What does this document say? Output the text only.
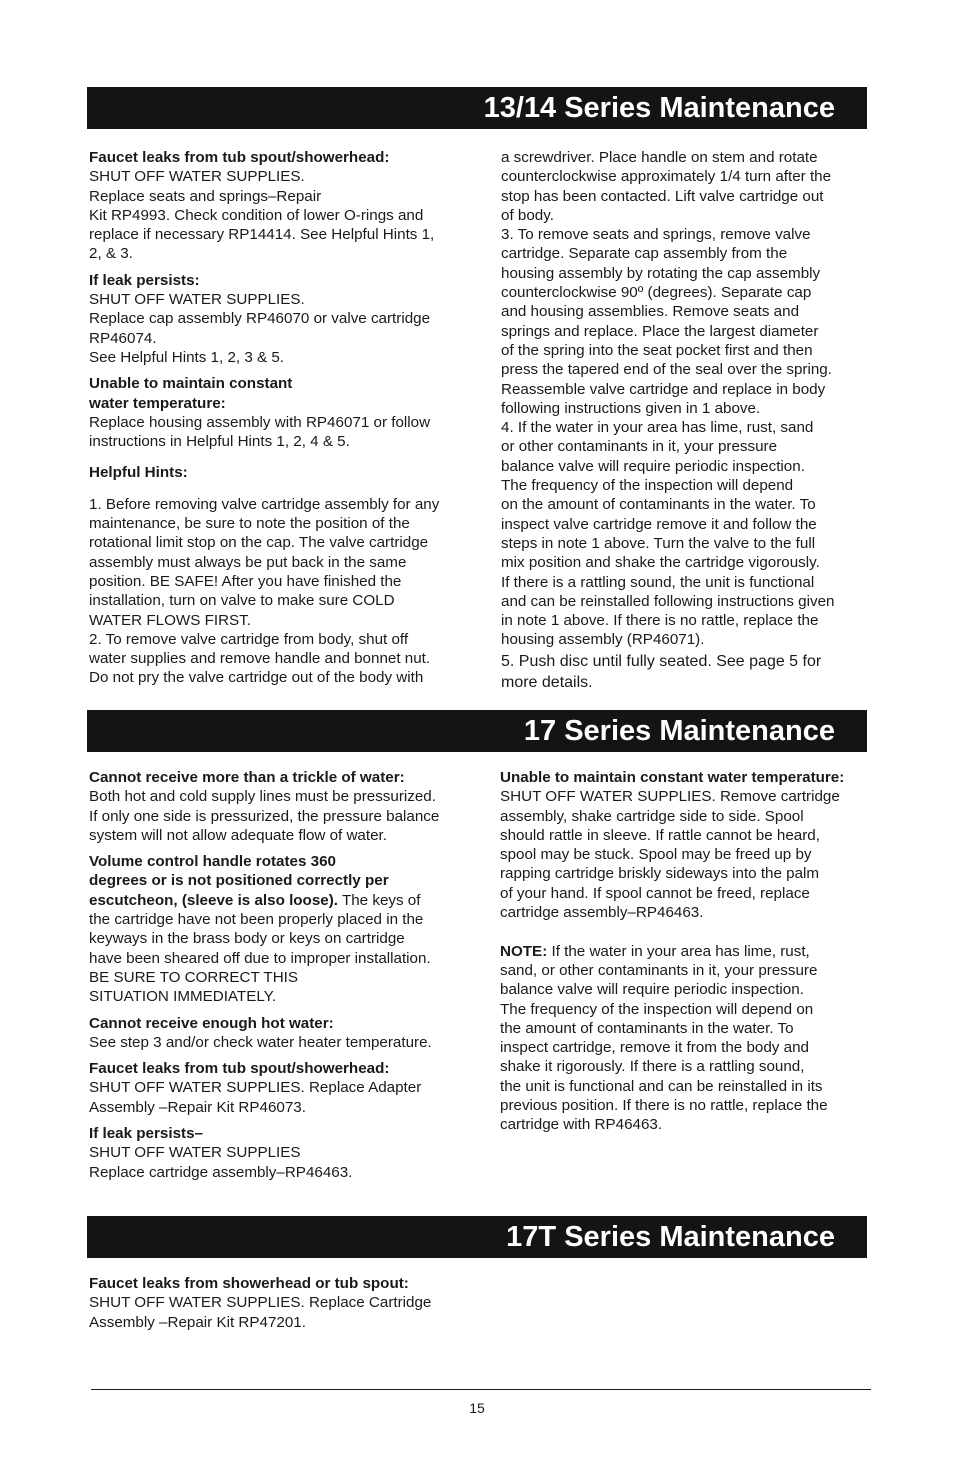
13/14 Series Maintenance

Faucet leaks from tub spout/showerhead:

SHUT OFF WATER SUPPLIES.

Replace seats and springs–Repair

Kit RP4993. Check condition of lower O-rings and

replace if necessary RP14414. See Helpful Hints 1,

2, & 3.

If leak persists:

SHUT OFF WATER SUPPLIES.

Replace cap assembly RP46070 or valve cartridge

RP46074.

See Helpful Hints 1, 2, 3 & 5.

Unable to maintain constant

water temperature:

Replace housing assembly with RP46071 or follow

instructions in Helpful Hints 1, 2, 4 & 5.

Helpful Hints:

1. Before removing valve cartridge assembly for any

maintenance, be sure to note the position of the

rotational limit stop on the cap. The valve cartridge

assembly must always be put back in the same

position. BE SAFE! After you have finished the

installation, turn on valve to make sure COLD

WATER FLOWS FIRST.

2. To remove valve cartridge from body, shut off

water supplies and remove handle and bonnet nut.

Do not pry the valve cartridge out of the body with

a screwdriver. Place handle on stem and rotate

counterclockwise approximately 1/4 turn after the

stop has been contacted. Lift valve cartridge out

of body.

3. To remove seats and springs, remove valve

cartridge. Separate cap assembly from the

housing assembly by rotating the cap assembly

counterclockwise 90º (degrees). Separate cap

and housing assemblies. Remove seats and

springs and replace. Place the largest diameter

of the spring into the seat pocket first and then

press the tapered end of the seal over the spring.

Reassemble valve cartridge and replace in body

following instructions given in 1 above.

4. If the water in your area has lime, rust, sand

or other contaminants in it, your pressure

balance valve will require periodic inspection.

The frequency of the inspection will depend

on the amount of contaminants in the water. To

inspect valve cartridge remove it and follow the

steps in note 1 above. Turn the valve to the full

mix position and shake the cartridge vigorously.

If there is a rattling sound, the unit is functional

and can be reinstalled following instructions given

in note 1 above. If there is no rattle, replace the

housing assembly (RP46071).

5. Push disc until fully seated. See page 5 for

more details.

17 Series Maintenance

Cannot receive more than a trickle of water:

Both hot and cold supply lines must be pressurized.

If only one side is pressurized, the pressure balance

system will not allow adequate flow of water.

Volume control handle rotates 360

degrees or is not positioned correctly per

escutcheon, (sleeve is also loose). The keys of

the cartridge have not been properly placed in the

keyways in the brass body or keys on cartridge

have been sheared off due to improper installation.

BE SURE TO CORRECT THIS

SITUATION IMMEDIATELY.

Cannot receive enough hot water:

See step 3 and/or check water heater temperature.

Faucet leaks from tub spout/showerhead:

SHUT OFF WATER SUPPLIES. Replace Adapter

Assembly –Repair Kit RP46073.

If leak persists–

SHUT OFF WATER SUPPLIES

Replace cartridge assembly–RP46463.

Unable to maintain constant water temperature:

SHUT OFF WATER SUPPLIES. Remove cartridge

assembly, shake cartridge side to side. Spool

should rattle in sleeve. If rattle cannot be heard,

spool may be stuck. Spool may be freed up by

rapping cartridge briskly sideways into the palm

of your hand. If spool cannot be freed, replace

cartridge assembly–RP46463.

NOTE: If the water in your area has lime, rust,

sand, or other contaminants in it, your pressure

balance valve will require periodic inspection.

The frequency of the inspection will depend on

the amount of contaminants in the water. To

inspect cartridge, remove it from the body and

shake it rigorously. If there is a rattling sound,

the unit is functional and can be reinstalled in its

previous position. If there is no rattle, replace the

cartridge with RP46463.

17T Series Maintenance

Faucet leaks from showerhead or tub spout:

SHUT OFF WATER SUPPLIES. Replace Cartridge

Assembly –Repair Kit RP47201.

15
